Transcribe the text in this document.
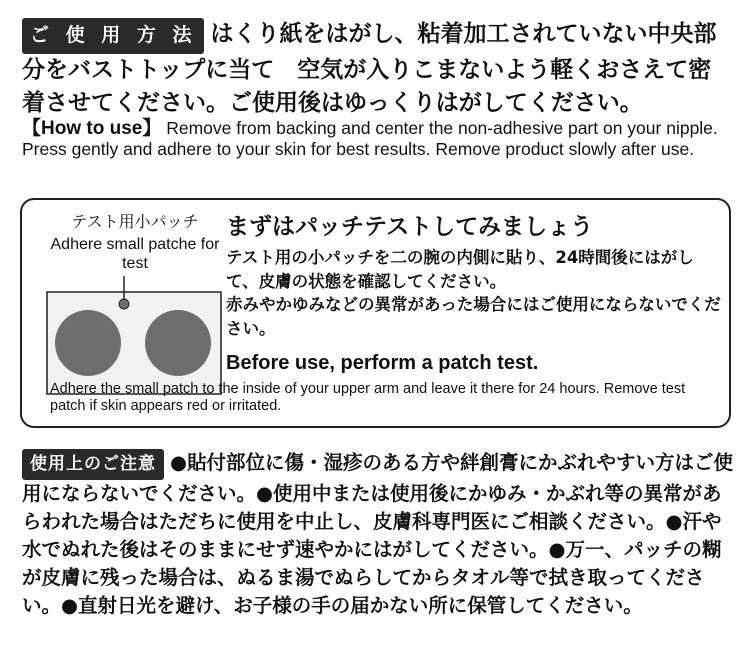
ご 使 用 方 法 はくり紙をはがし、粘着加工されていない中央部分をバストトップに当て　空気が入りこまないよう軽くおさえて密着させてください。ご使用後はゆっくりはがしてください。
【How to use】 Remove from backing and center the non-adhesive part on your nipple. Press gently and adhere to your skin for best results. Remove product slowly after use.
テスト用小パッチ
Adhere small patche for test
まずはパッチテストしてみましょう
テスト用の小パッチを二の腕の内側に貼り、24時間後にはがして、皮膚の状態を確認してください。
赤みやかゆみなどの異常があった場合にはご使用にならないでください。
Before use, perform a patch test.
Adhere the small patch to the inside of your upper arm and leave it there for 24 hours. Remove test patch if skin appears red or irritated.
使用上のご注意 ●貼付部位に傷・湿疹のある方や絆創膏にかぶれやすい方はご使用にならないでください。●使用中または使用後にかゆみ・かぶれ等の異常があらわれた場合はただちに使用を中止し、皮膚科専門医にご相談ください。●汗や水でぬれた後はそのままにせず速やかにはがしてください。●万一、パッチの糊が皮膚に残った場合は、ぬるま湯でぬらしてからタオル等で拭き取ってください。●直射日光を避け、お子様の手の届かない所に保管してください。
